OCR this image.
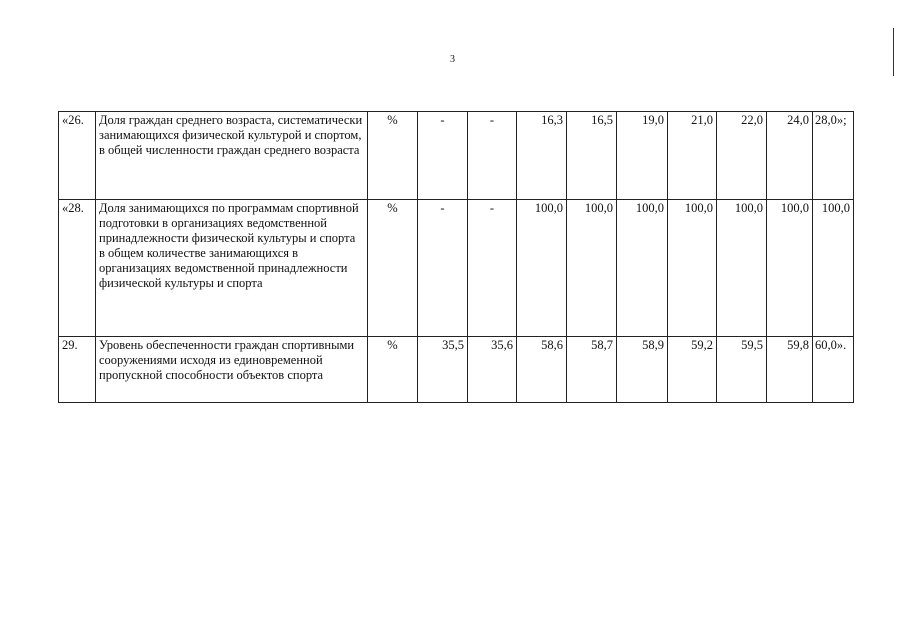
3
«26.	Доля граждан среднего возраста, систематически занимающихся физической культурой и спортом, в общей численности граждан среднего возраста	%	-	-	16,3	16,5	19,0	21,0	22,0	24,0	28,0»;
«28.	Доля занимающихся по программам спортивной подготовки в организациях ведомственной принадлежности физической культуры и спорта в общем количестве занимающихся в организациях ведомственной принадлежности физической культуры и спорта	%	-	-	100,0	100,0	100,0	100,0	100,0	100,0	100,0
29.	Уровень обеспеченности граждан спортивными сооружениями исходя из единовременной пропускной способности объектов спорта	%	35,5	35,6	58,6	58,7	58,9	59,2	59,5	59,8	60,0».
